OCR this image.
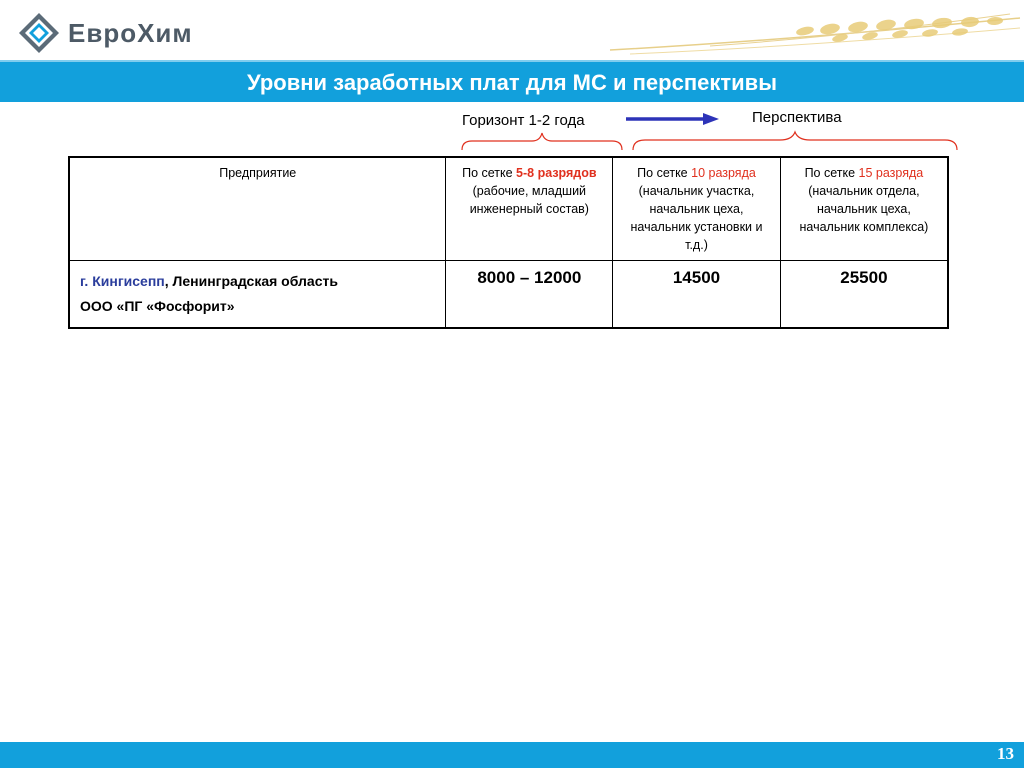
ЕвроХим
Уровни заработных плат для МС и перспективы
Горизонт 1-2 года	Перспектива
Предприятие	По сетке 5-8 разрядов (рабочие, младший инженерный состав)	По сетке 10 разряда (начальник участка, начальник цеха, начальник установки и т.д.)	По сетке 15 разряда (начальник отдела, начальник цеха, начальник комплекса)

г. Кингисепп, Ленинградская область
ООО «ПГ «Фосфорит»	8000 – 12000	14500	25500
13
